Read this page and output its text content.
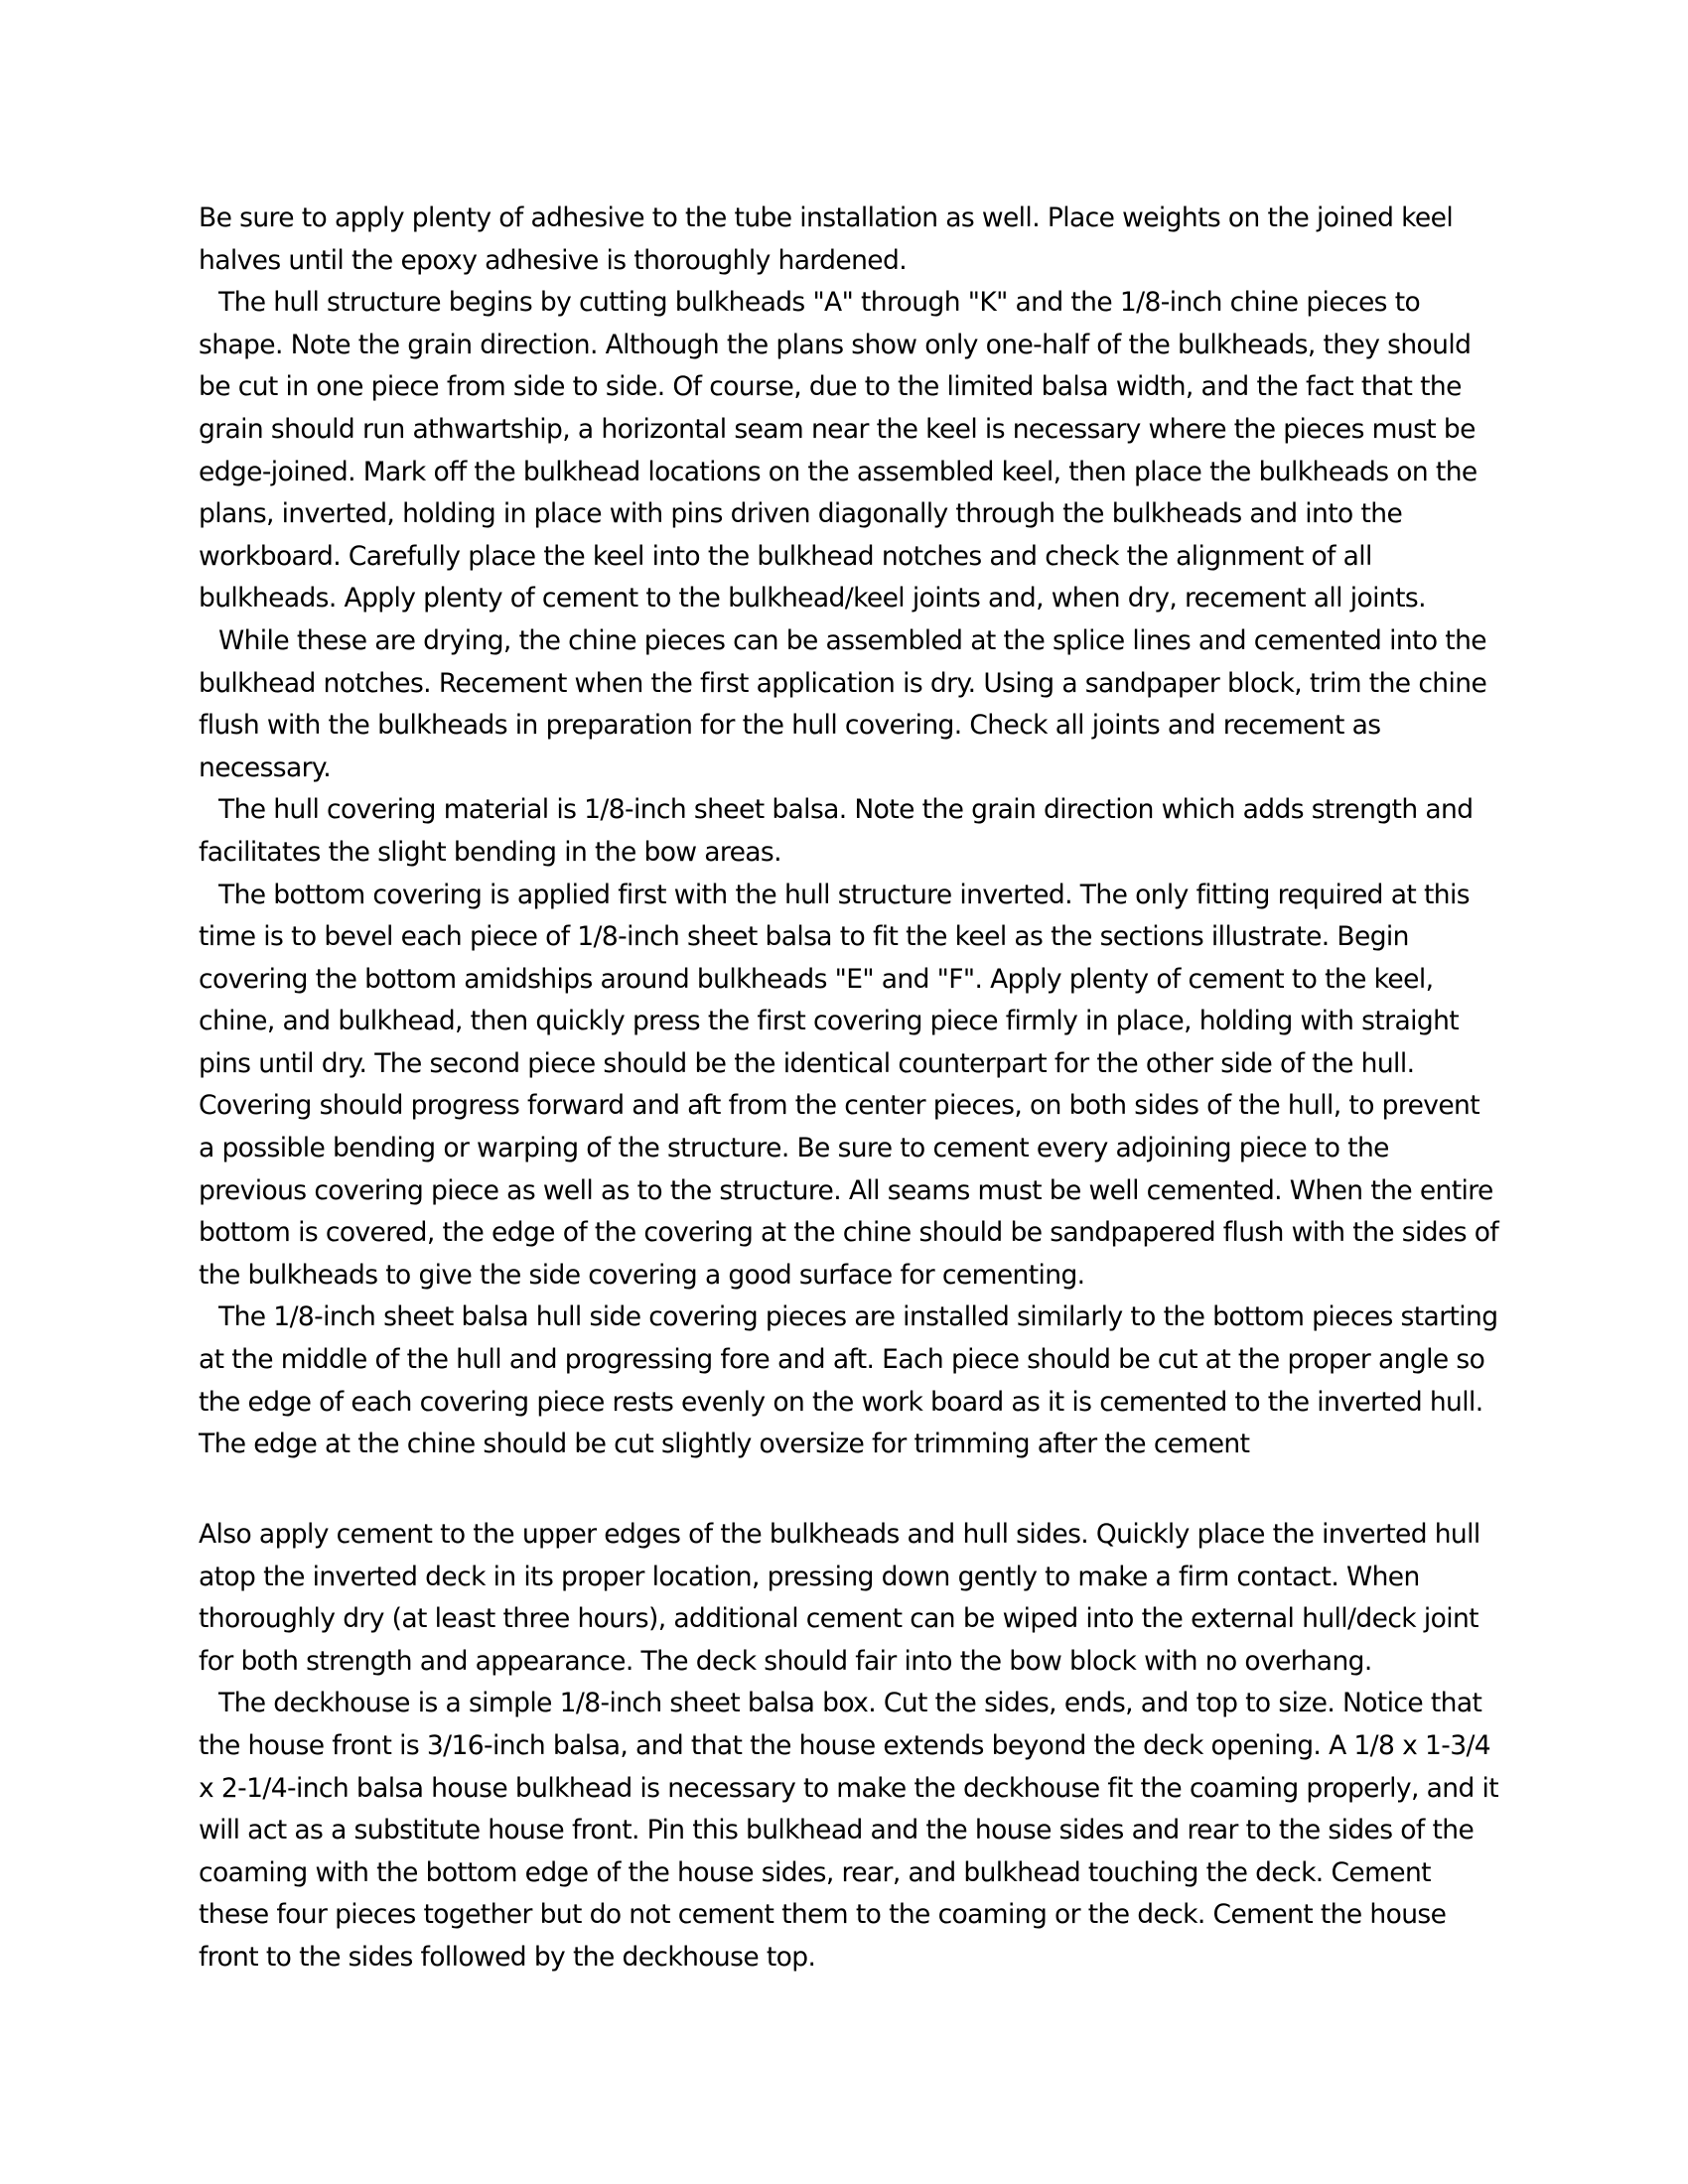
Be sure to apply plenty of adhesive to the tube installation as well. Place weights on the joined keel halves until the epoxy adhesive is thoroughly hardened.

The hull structure begins by cutting bulkheads "A" through "K" and the 1/8-inch chine pieces to shape. Note the grain direction. Although the plans show only one-half of the bulkheads, they should be cut in one piece from side to side. Of course, due to the limited balsa width, and the fact that the grain should run athwartship, a horizontal seam near the keel is necessary where the pieces must be edge-joined. Mark off the bulkhead locations on the assembled keel, then place the bulkheads on the plans, inverted, holding in place with pins driven diagonally through the bulkheads and into the workboard. Carefully place the keel into the bulkhead notches and check the alignment of all bulkheads. Apply plenty of cement to the bulkhead/keel joints and, when dry, recement all joints.

While these are drying, the chine pieces can be assembled at the splice lines and cemented into the bulkhead notches. Recement when the first application is dry. Using a sandpaper block, trim the chine flush with the bulkheads in preparation for the hull covering. Check all joints and recement as necessary.

The hull covering material is 1/8-inch sheet balsa. Note the grain direction which adds strength and facilitates the slight bending in the bow areas.

The bottom covering is applied first with the hull structure inverted. The only fitting required at this time is to bevel each piece of 1/8-inch sheet balsa to fit the keel as the sections illustrate. Begin covering the bottom amidships around bulkheads "E" and "F". Apply plenty of cement to the keel, chine, and bulkhead, then quickly press the first covering piece firmly in place, holding with straight pins until dry. The second piece should be the identical counterpart for the other side of the hull. Covering should progress forward and aft from the center pieces, on both sides of the hull, to prevent a possible bending or warping of the structure. Be sure to cement every adjoining piece to the previous covering piece as well as to the structure. All seams must be well cemented. When the entire bottom is covered, the edge of the covering at the chine should be sandpapered flush with the sides of the bulkheads to give the side covering a good surface for cementing.

The 1/8-inch sheet balsa hull side covering pieces are installed similarly to the bottom pieces starting at the middle of the hull and progressing fore and aft. Each piece should be cut at the proper angle so the edge of each covering piece rests evenly on the work board as it is cemented to the inverted hull. The edge at the chine should be cut slightly oversize for trimming after the cement

Also apply cement to the upper edges of the bulkheads and hull sides. Quickly place the inverted hull atop the inverted deck in its proper location, pressing down gently to make a firm contact. When thoroughly dry (at least three hours), additional cement can be wiped into the external hull/deck joint for both strength and appearance. The deck should fair into the bow block with no overhang.

The deckhouse is a simple 1/8-inch sheet balsa box. Cut the sides, ends, and top to size. Notice that the house front is 3/16-inch balsa, and that the house extends beyond the deck opening. A 1/8 x 1-3/4 x 2-1/4-inch balsa house bulkhead is necessary to make the deckhouse fit the coaming properly, and it will act as a substitute house front. Pin this bulkhead and the house sides and rear to the sides of the coaming with the bottom edge of the house sides, rear, and bulkhead touching the deck. Cement these four pieces together but do not cement them to the coaming or the deck. Cement the house front to the sides followed by the deckhouse top.
